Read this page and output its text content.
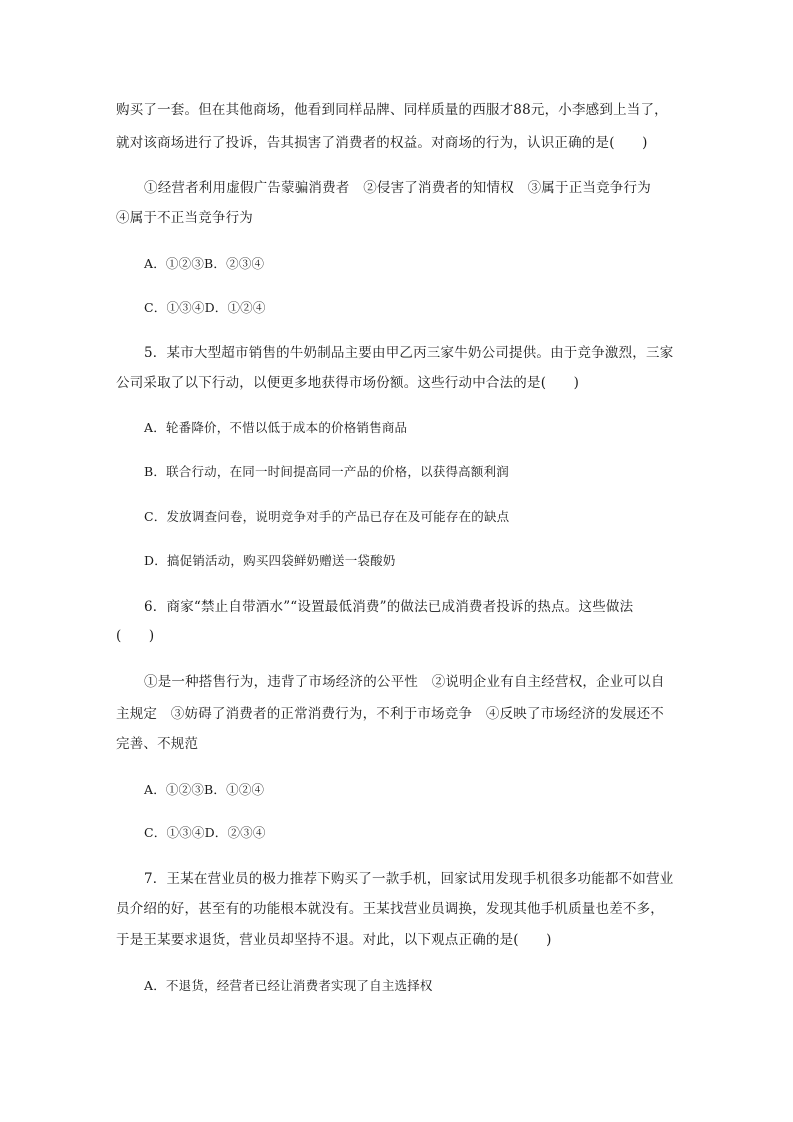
购买了一套。但在其他商场，他看到同样品牌、同样质量的西服才88元，小李感到上当了，
就对该商场进行了投诉，告其损害了消费者的权益。对商场的行为，认识正确的是(　　)
①经营者利用虚假广告蒙骗消费者　②侵害了消费者的知情权　③属于正当竞争行为
④属于不正当竞争行为
A．①②③B．②③④
C．①③④D．①②④
5．某市大型超市销售的牛奶制品主要由甲乙丙三家牛奶公司提供。由于竞争激烈，三家
公司采取了以下行动，以便更多地获得市场份额。这些行动中合法的是(　　)
A．轮番降价，不惜以低于成本的价格销售商品
B．联合行动，在同一时间提高同一产品的价格，以获得高额利润
C．发放调查问卷，说明竞争对手的产品已存在及可能存在的缺点
D．搞促销活动，购买四袋鲜奶赠送一袋酸奶
6．商家“禁止自带酒水”“设置最低消费”的做法已成消费者投诉的热点。这些做法
(　　)
①是一种搭售行为，违背了市场经济的公平性　②说明企业有自主经营权，企业可以自
主规定　③妨碍了消费者的正常消费行为，不利于市场竞争　④反映了市场经济的发展还不
完善、不规范
A．①②③B．①②④
C．①③④D．②③④
7．王某在营业员的极力推荐下购买了一款手机，回家试用发现手机很多功能都不如营业
员介绍的好，甚至有的功能根本就没有。王某找营业员调换，发现其他手机质量也差不多，
于是王某要求退货，营业员却坚持不退。对此，以下观点正确的是(　　)
A．不退货，经营者已经让消费者实现了自主选择权
